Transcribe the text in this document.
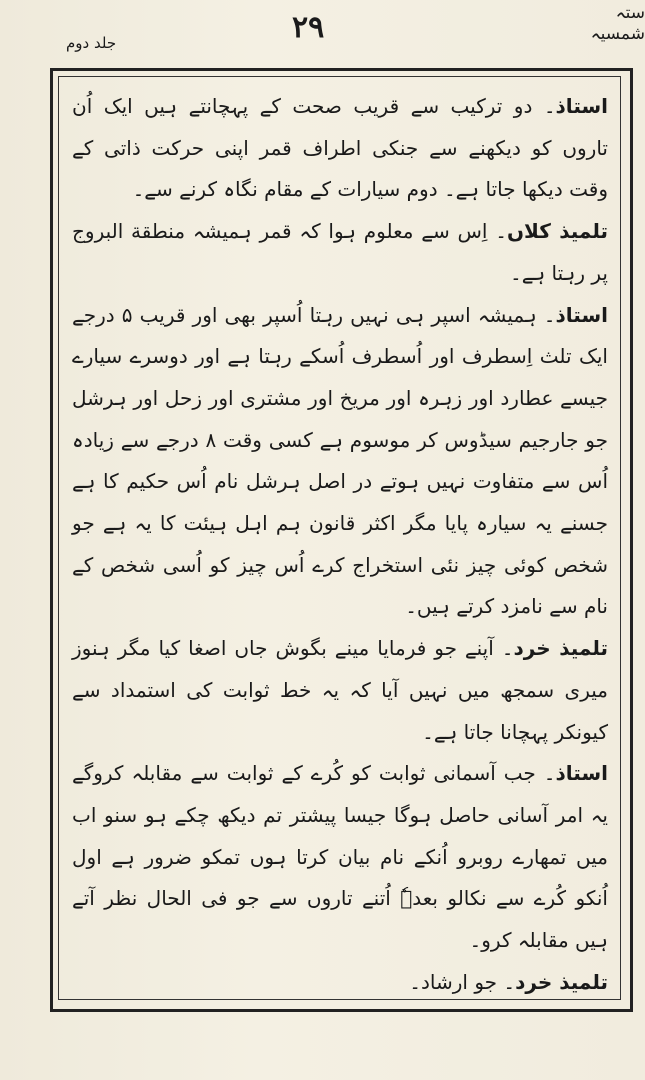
جلد دوم	۲۹	ستہ شمسیہ

استاذ۔ دو ترکیب سے قریب صحت کے پہچانتے ہیں ایک اُن تاروں کو دیکھنے سے جنکی اطراف قمر اپنی حرکت ذاتی کے وقت دیکھا جاتا ہے۔ دوم سیارات کے مقام نگاہ کرنے سے۔

تلمیذ کلاں۔ اِس سے معلوم ہوا کہ قمر ہمیشہ منطقة البروج پر رہتا ہے۔

استاذ۔ ہمیشہ اسپر ہی نہیں رہتا اُسپر بھی اور قریب ۵ درجے ایک تلث اِسطرف اور اُسطرف اُسکے رہتا ہے اور دوسرے سیارے جیسے عطارد اور زہرہ اور مریخ اور مشتری اور زحل اور ہرشل جو جارجیم سیڈوس کر موسوم ہے کسی وقت ۸ درجے سے زیادہ اُس سے متفاوت نہیں ہوتے در اصل ہرشل نام اُس حکیم کا ہے جسنے یہ سیارہ پایا مگر اکثر قانون ہم اہل ہیئت کا یہ ہے جو شخص کوئی چیز نئی استخراج کرے اُس چیز کو اُسی شخص کے نام سے نامزد کرتے ہیں۔

تلمیذ خرد۔ آپنے جو فرمایا مینے بگوش جاں اصغا کیا مگر ہنوز میری سمجھ میں نہیں آیا کہ یہ خط ثوابت کی استمداد سے کیونکر پہچانا جاتا ہے۔

استاذ۔ جب آسمانی ثوابت کو کُرے کے ثوابت سے مقابلہ کروگے یہ امر آسانی حاصل ہوگا جیسا پیشتر تم دیکھ چکے ہو سنو اب میں تمھارے روبرو اُنکے نام بیان کرتا ہوں تمکو ضرور ہے اول اُنکو کُرے سے نکالو بعدہٗ اُتنے تاروں سے جو فی الحال نظر آتے ہیں مقابلہ کرو۔

تلمیذ خرد۔ جو ارشاد۔
